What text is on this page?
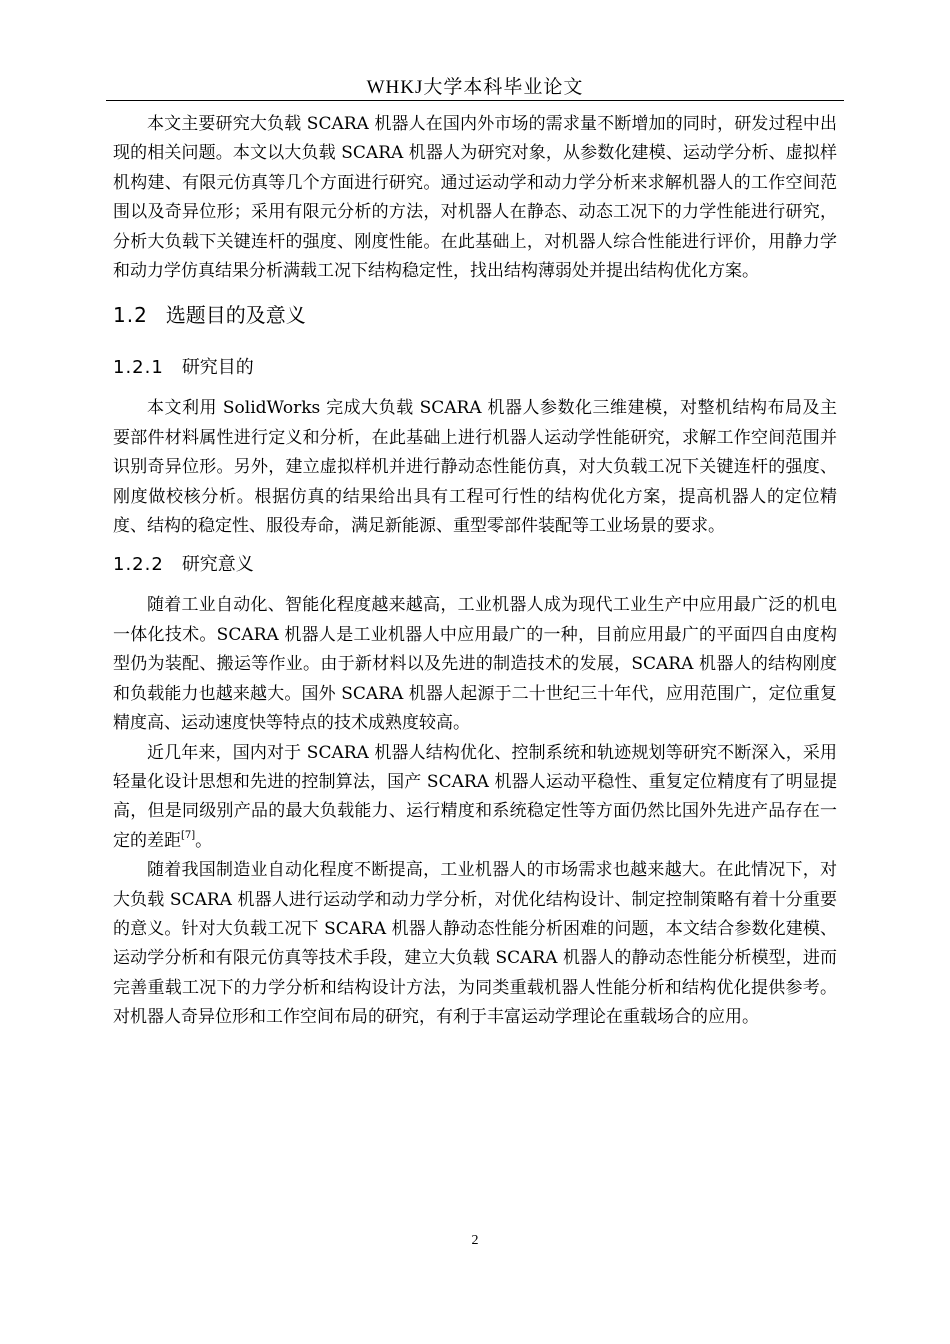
WHKJ大学本科毕业论文

本文主要研究大负载 SCARA 机器人在国内外市场的需求量不断增加的同时，研发过程中出现的相关问题。本文以大负载 SCARA 机器人为研究对象，从参数化建模、运动学分析、虚拟样机构建、有限元仿真等几个方面进行研究。通过运动学和动力学分析来求解机器人的工作空间范围以及奇异位形；采用有限元分析的方法，对机器人在静态、动态工况下的力学性能进行研究，分析大负载下关键连杆的强度、刚度性能。在此基础上，对机器人综合性能进行评价，用静力学和动力学仿真结果分析满载工况下结构稳定性，找出结构薄弱处并提出结构优化方案。

1.2 选题目的及意义
1.2.1 研究目的

本文利用 SolidWorks 完成大负载 SCARA 机器人参数化三维建模，对整机结构布局及主要部件材料属性进行定义和分析，在此基础上进行机器人运动学性能研究，求解工作空间范围并识别奇异位形。另外，建立虚拟样机并进行静动态性能仿真，对大负载工况下关键连杆的强度、刚度做校核分析。根据仿真的结果给出具有工程可行性的结构优化方案，提高机器人的定位精度、结构的稳定性、服役寿命，满足新能源、重型零部件装配等工业场景的要求。

1.2.2 研究意义

随着工业自动化、智能化程度越来越高，工业机器人成为现代工业生产中应用最广泛的机电一体化技术。SCARA 机器人是工业机器人中应用最广的一种，目前应用最广的平面四自由度构型仍为装配、搬运等作业。由于新材料以及先进的制造技术的发展，SCARA 机器人的结构刚度和负载能力也越来越大。国外 SCARA 机器人起源于二十世纪三十年代，应用范围广，定位重复精度高、运动速度快等特点的技术成熟度较高。

近几年来，国内对于 SCARA 机器人结构优化、控制系统和轨迹规划等研究不断深入，采用轻量化设计思想和先进的控制算法，国产 SCARA 机器人运动平稳性、重复定位精度有了明显提高，但是同级别产品的最大负载能力、运行精度和系统稳定性等方面仍然比国外先进产品存在一定的差距[7]。

随着我国制造业自动化程度不断提高，工业机器人的市场需求也越来越大。在此情况下，对大负载 SCARA 机器人进行运动学和动力学分析，对优化结构设计、制定控制策略有着十分重要的意义。针对大负载工况下 SCARA 机器人静动态性能分析困难的问题，本文结合参数化建模、运动学分析和有限元仿真等技术手段，建立大负载 SCARA 机器人的静动态性能分析模型，进而完善重载工况下的力学分析和结构设计方法，为同类重载机器人性能分析和结构优化提供参考。对机器人奇异位形和工作空间布局的研究，有利于丰富运动学理论在重载场合的应用。

2
